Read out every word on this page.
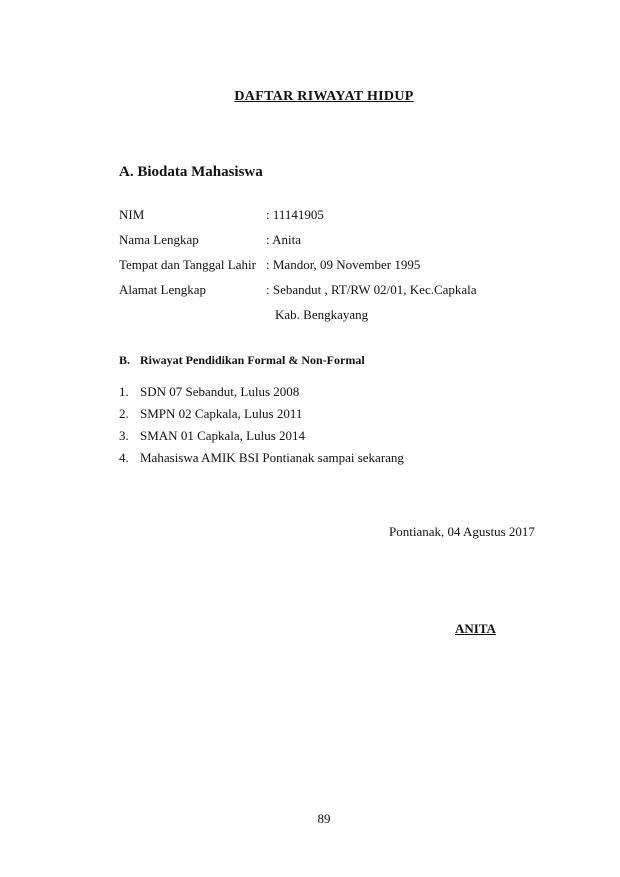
DAFTAR RIWAYAT HIDUP
A. Biodata Mahasiswa
NIM	: 11141905
Nama Lengkap	: Anita
Tempat dan Tanggal Lahir : Mandor, 09 November 1995
Alamat Lengkap	: Sebandut , RT/RW 02/01, Kec.Capkala
Kab. Bengkayang
B. Riwayat Pendidikan Formal & Non-Formal
1. SDN 07 Sebandut, Lulus 2008
2. SMPN 02 Capkala, Lulus 2011
3. SMAN 01 Capkala, Lulus 2014
4. Mahasiswa AMIK BSI Pontianak sampai sekarang
Pontianak, 04 Agustus 2017
ANITA
89
